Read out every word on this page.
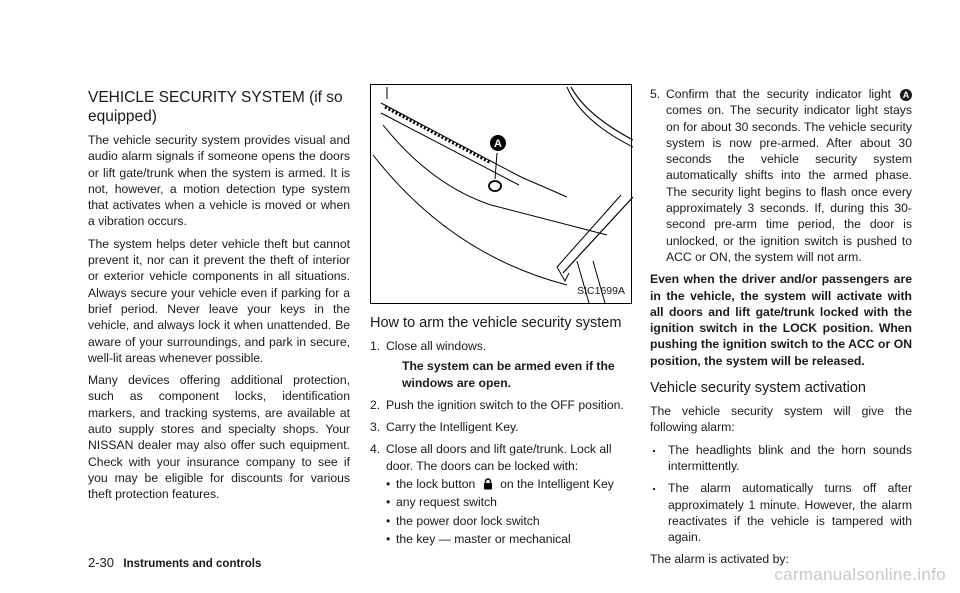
VEHICLE SECURITY SYSTEM (if so equipped)

The vehicle security system provides visual and audio alarm signals if someone opens the doors or lift gate/trunk when the system is armed. It is not, however, a motion detection type system that activates when a vehicle is moved or when a vibration occurs.

The system helps deter vehicle theft but cannot prevent it, nor can it prevent the theft of interior or exterior vehicle components in all situations. Always secure your vehicle even if parking for a brief period. Never leave your keys in the vehicle, and always lock it when unattended. Be aware of your surroundings, and park in secure, well-lit areas whenever possible.

Many devices offering additional protection, such as component locks, identification markers, and tracking systems, are available at auto supply stores and specialty shops. Your NISSAN dealer may also offer such equipment. Check with your insurance company to see if you may be eligible for discounts for various theft protection features.

A
SIC1699A
How to arm the vehicle security system
1. Close all windows.
The system can be armed even if the windows are open.
2. Push the ignition switch to the OFF position.
3. Carry the Intelligent Key.
4. Close all doors and lift gate/trunk. Lock all door. The doors can be locked with:
• the lock button on the Intelligent Key
• any request switch
• the power door lock switch
• the key — master or mechanical
5. Confirm that the security indicator light A comes on. The security indicator light stays on for about 30 seconds. The vehicle security system is now pre-armed. After about 30 seconds the vehicle security system automatically shifts into the armed phase. The security light begins to flash once every approximately 3 seconds. If, during this 30-second pre-arm time period, the door is unlocked, or the ignition switch is pushed to ACC or ON, the system will not arm.

Even when the driver and/or passengers are in the vehicle, the system will activate with all doors and lift gate/trunk locked with the ignition switch in the LOCK position. When pushing the ignition switch to the ACC or ON position, the system will be released.

Vehicle security system activation

The vehicle security system will give the following alarm:

. The headlights blink and the horn sounds intermittently.
. The alarm automatically turns off after approximately 1 minute. However, the alarm reactivates if the vehicle is tampered with again.

The alarm is activated by:

2-30 Instruments and controls
carmanualsonline.info
